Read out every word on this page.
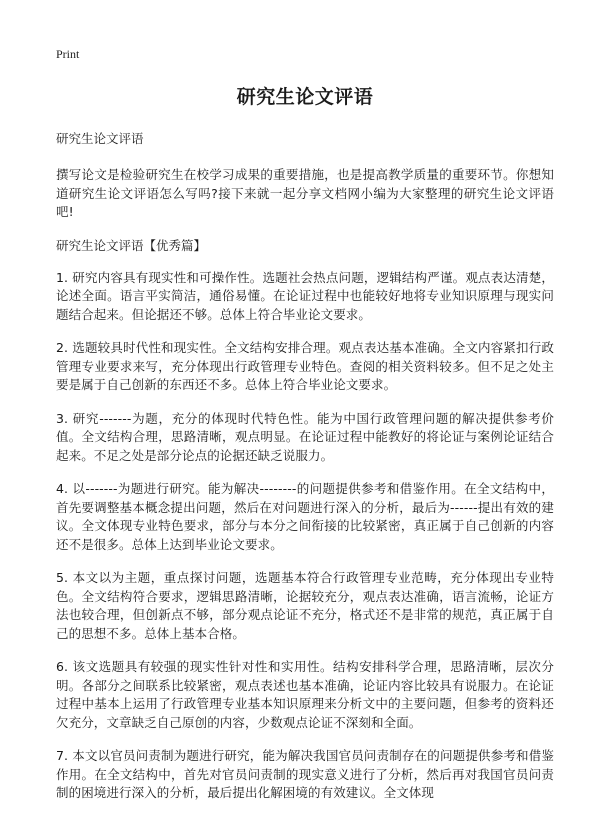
Print
研究生论文评语
研究生论文评语
撰写论文是检验研究生在校学习成果的重要措施，也是提高教学质量的重要环节。你想知道研究生论文评语怎么写吗?接下来就一起分享文档网小编为大家整理的研究生论文评语吧!
研究生论文评语【优秀篇】
1. 研究内容具有现实性和可操作性。选题社会热点问题，逻辑结构严谨。观点表达清楚，论述全面。语言平实简洁，通俗易懂。在论证过程中也能较好地将专业知识原理与现实问题结合起来。但论据还不够。总体上符合毕业论文要求。
2. 选题较具时代性和现实性。全文结构安排合理。观点表达基本准确。全文内容紧扣行政管理专业要求来写，充分体现出行政管理专业特色。查阅的相关资料较多。但不足之处主要是属于自己创新的东西还不多。总体上符合毕业论文要求。
3. 研究-------为题，充分的体现时代特色性。能为中国行政管理问题的解决提供参考价值。全文结构合理，思路清晰，观点明显。在论证过程中能教好的将论证与案例论证结合起来。不足之处是部分论点的论据还缺乏说服力。
4. 以-------为题进行研究。能为解决--------的问题提供参考和借鉴作用。在全文结构中，首先要调整基本概念提出问题，然后在对问题进行深入的分析，最后为------提出有效的建议。全文体现专业特色要求，部分与本分之间衔接的比较紧密，真正属于自己创新的内容还不是很多。总体上达到毕业论文要求。
5. 本文以为主题，重点探讨问题，选题基本符合行政管理专业范畴，充分体现出专业特色。全文结构符合要求，逻辑思路清晰，论据较充分，观点表达准确，语言流畅，论证方法也较合理，但创新点不够，部分观点论证不充分，格式还不是非常的规范，真正属于自己的思想不多。总体上基本合格。
6. 该文选题具有较强的现实性针对性和实用性。结构安排科学合理，思路清晰，层次分明。各部分之间联系比较紧密，观点表述也基本准确，论证内容比较具有说服力。在论证过程中基本上运用了行政管理专业基本知识原理来分析文中的主要问题，但参考的资料还欠充分，文章缺乏自己原创的内容，少数观点论证不深刻和全面。
7. 本文以官员问责制为题进行研究，能为解决我国官员问责制存在的问题提供参考和借鉴作用。在全文结构中，首先对官员问责制的现实意义进行了分析，然后再对我国官员问责制的困境进行深入的分析，最后提出化解困境的有效建议。全文体现
